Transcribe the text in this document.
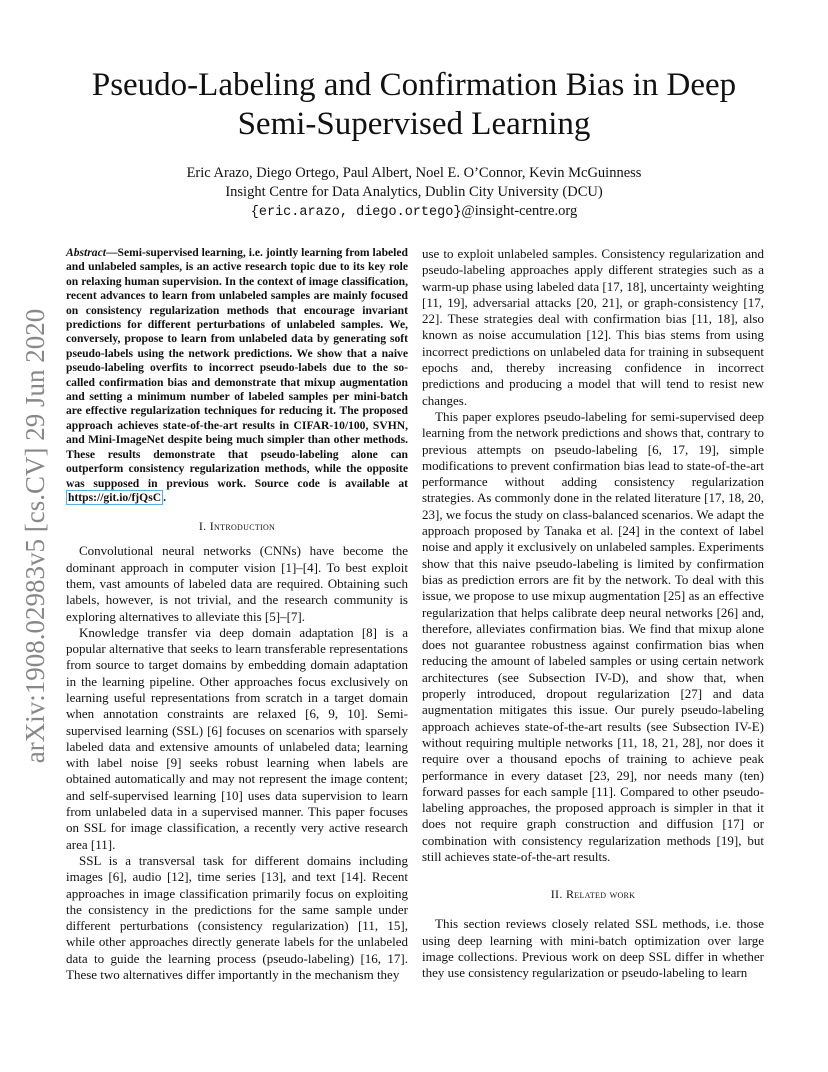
Pseudo-Labeling and Confirmation Bias in Deep Semi-Supervised Learning
Eric Arazo, Diego Ortego, Paul Albert, Noel E. O’Connor, Kevin McGuinness
Insight Centre for Data Analytics, Dublin City University (DCU)
{eric.arazo, diego.ortego}@insight-centre.org
arXiv:1908.02983v5 [cs.CV] 29 Jun 2020

Abstract—Semi-supervised learning, i.e. jointly learning from labeled and unlabeled samples, is an active research topic due to its key role on relaxing human supervision. In the context of image classification, recent advances to learn from unlabeled samples are mainly focused on consistency regularization methods that encourage invariant predictions for different perturbations of unlabeled samples. We, conversely, propose to learn from unlabeled data by generating soft pseudo-labels using the network predictions. We show that a naive pseudo-labeling overfits to incorrect pseudo-labels due to the so-called confirmation bias and demonstrate that mixup augmentation and setting a minimum number of labeled samples per mini-batch are effective regularization techniques for reducing it. The proposed approach achieves state-of-the-art results in CIFAR-10/100, SVHN, and Mini-ImageNet despite being much simpler than other methods. These results demonstrate that pseudo-labeling alone can outperform consistency regularization methods, while the opposite was supposed in previous work. Source code is available at https://git.io/fjQsC .

I. Introduction

Convolutional neural networks (CNNs) have become the dominant approach in computer vision [1]–[4]. To best exploit them, vast amounts of labeled data are required. Obtaining such labels, however, is not trivial, and the research community is exploring alternatives to alleviate this [5]–[7].

Knowledge transfer via deep domain adaptation [8] is a popular alternative that seeks to learn transferable representations from source to target domains by embedding domain adaptation in the learning pipeline. Other approaches focus exclusively on learning useful representations from scratch in a target domain when annotation constraints are relaxed [6, 9, 10]. Semi-supervised learning (SSL) [6] focuses on scenarios with sparsely labeled data and extensive amounts of unlabeled data; learning with label noise [9] seeks robust learning when labels are obtained automatically and may not represent the image content; and self-supervised learning [10] uses data supervision to learn from unlabeled data in a supervised manner. This paper focuses on SSL for image classification, a recently very active research area [11].

SSL is a transversal task for different domains including images [6], audio [12], time series [13], and text [14]. Recent approaches in image classification primarily focus on exploiting the consistency in the predictions for the same sample under different perturbations (consistency regularization) [11, 15], while other approaches directly generate labels for the unlabeled data to guide the learning process (pseudo-labeling) [16, 17]. These two alternatives differ importantly in the mechanism they

use to exploit unlabeled samples. Consistency regularization and pseudo-labeling approaches apply different strategies such as a warm-up phase using labeled data [17, 18], uncertainty weighting [11, 19], adversarial attacks [20, 21], or graph-consistency [17, 22]. These strategies deal with confirmation bias [11, 18], also known as noise accumulation [12]. This bias stems from using incorrect predictions on unlabeled data for training in subsequent epochs and, thereby increasing confidence in incorrect predictions and producing a model that will tend to resist new changes.

This paper explores pseudo-labeling for semi-supervised deep learning from the network predictions and shows that, contrary to previous attempts on pseudo-labeling [6, 17, 19], simple modifications to prevent confirmation bias lead to state-of-the-art performance without adding consistency regularization strategies. As commonly done in the related literature [17, 18, 20, 23], we focus the study on class-balanced scenarios. We adapt the approach proposed by Tanaka et al. [24] in the context of label noise and apply it exclusively on unlabeled samples. Experiments show that this naive pseudo-labeling is limited by confirmation bias as prediction errors are fit by the network. To deal with this issue, we propose to use mixup augmentation [25] as an effective regularization that helps calibrate deep neural networks [26] and, therefore, alleviates confirmation bias. We find that mixup alone does not guarantee robustness against confirmation bias when reducing the amount of labeled samples or using certain network architectures (see Subsection IV-D), and show that, when properly introduced, dropout regularization [27] and data augmentation mitigates this issue. Our purely pseudo-labeling approach achieves state-of-the-art results (see Subsection IV-E) without requiring multiple networks [11, 18, 21, 28], nor does it require over a thousand epochs of training to achieve peak performance in every dataset [23, 29], nor needs many (ten) forward passes for each sample [11]. Compared to other pseudo-labeling approaches, the proposed approach is simpler in that it does not require graph construction and diffusion [17] or combination with consistency regularization methods [19], but still achieves state-of-the-art results.

II. Related work

This section reviews closely related SSL methods, i.e. those using deep learning with mini-batch optimization over large image collections. Previous work on deep SSL differ in whether they use consistency regularization or pseudo-labeling to learn
